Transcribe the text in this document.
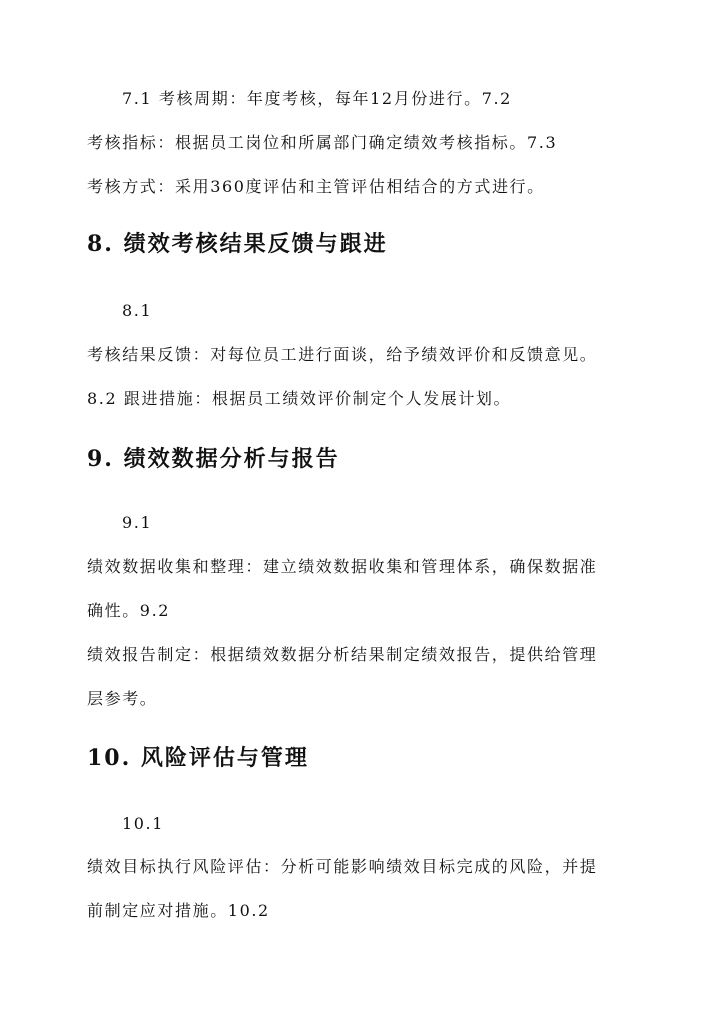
7.1 考核周期：年度考核，每年12月份进行。7.2
考核指标：根据员工岗位和所属部门确定绩效考核指标。7.3
考核方式：采用360度评估和主管评估相结合的方式进行。
8. 绩效考核结果反馈与跟进
8.1
考核结果反馈：对每位员工进行面谈，给予绩效评价和反馈意见。
8.2 跟进措施：根据员工绩效评价制定个人发展计划。
9. 绩效数据分析与报告
9.1
绩效数据收集和整理：建立绩效数据收集和管理体系，确保数据准
确性。9.2
绩效报告制定：根据绩效数据分析结果制定绩效报告，提供给管理
层参考。
10. 风险评估与管理
10.1
绩效目标执行风险评估：分析可能影响绩效目标完成的风险，并提
前制定应对措施。10.2
